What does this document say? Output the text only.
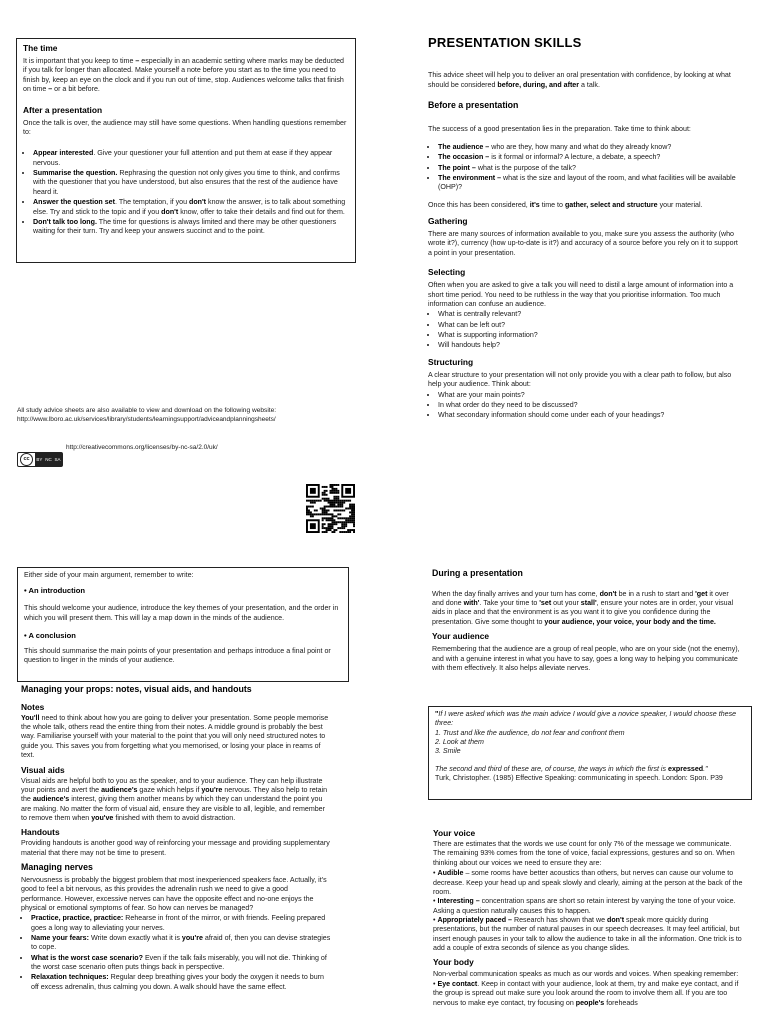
The time

It is important that you keep to time – especially in an academic setting where marks may be deducted if you talk for longer than allocated. Make yourself a note before you start as to the time you need to finish by, keep an eye on the clock and if you run out of time, stop. Audiences welcome talks that finish on time – or a bit before.

After a presentation

Once the talk is over, the audience may still have some questions. When handling questions remember to:

• Appear interested. Give your questioner your full attention and put them at ease if they appear nervous.
• Summarise the question. Rephrasing the question not only gives you time to think, and confirms with the questioner that you have understood, but also ensures that the rest of the audience have heard it.
• Answer the question set. The temptation, if you don't know the answer, is to talk about something else. Try and stick to the topic and if you don't know, offer to take their details and find out for them.
• Don't talk too long. The time for questions is always limited and there may be other questioners waiting for their turn. Try and keep your answers succinct and to the point.

All study advice sheets are also available to view and download on the following website:

http://www.lboro.ac.uk/services/library/students/learningsupport/adviceandplanningsheets/

http://creativecommons.org/licenses/by-nc-sa/2.0/uk/
cc	BY NC SA
PRESENTATION SKILLS

This advice sheet will help you to deliver an oral presentation with confidence, by looking at what should be considered before, during, and after a talk.

Before a presentation

The success of a good presentation lies in the preparation. Take time to think about:

• The audience – who are they, how many and what do they already know?
• The occasion – is it formal or informal? A lecture, a debate, a speech?
• The point – what is the purpose of the talk?
• The environment – what is the size and layout of the room, and what facilities will be available (OHP)?

Once this has been considered, it's time to gather, select and structure your material.

Gathering

There are many sources of information available to you, make sure you assess the authority (who wrote it?), currency (how up-to-date is it?) and accuracy of a source before you rely on it to support a point in your presentation.

Selecting

Often when you are asked to give a talk you will need to distil a large amount of information into a short time period. You need to be ruthless in the way that you prioritise information. Too much information can confuse an audience.

• What is centrally relevant?
• What can be left out?
• What is supporting information?
• Will handouts help?
Structuring

A clear structure to your presentation will not only provide you with a clear path to follow, but also help your audience. Think about:

• What are your main points?
• In what order do they need to be discussed?
• What secondary information should come under each of your headings?

Either side of your main argument, remember to write:

• An introduction

This should welcome your audience, introduce the key themes of your presentation, and the order in which you will present them. This will lay a map down in the minds of the audience.

• A conclusion

This should summarise the main points of your presentation and perhaps introduce a final point or question to linger in the minds of your audience.

Managing your props: notes, visual aids, and handouts
Notes

You'll need to think about how you are going to deliver your presentation. Some people memorise the whole talk, others read the entire thing from their notes. A middle ground is probably the best way. Familiarise yourself with your material to the point that you will only need structured notes to guide you. This saves you from forgetting what you memorised, or losing your place in reams of text.

Visual aids

Visual aids are helpful both to you as the speaker, and to your audience. They can help illustrate your points and avert the audience's gaze which helps if you're nervous. They also help to retain the audience's interest, giving them another means by which they can understand the point you are making. No matter the form of visual aid, ensure they are visible to all, legible, and remember to remove them when you've finished with them to avoid distraction.

Handouts

Providing handouts is another good way of reinforcing your message and providing supplementary material that there may not be time to present.

Managing nerves

Nervousness is probably the biggest problem that most inexperienced speakers face. Actually, it's good to feel a bit nervous, as this provides the adrenalin rush we need to give a good performance. However, excessive nerves can have the opposite effect and no-one enjoys the physical or emotional symptoms of fear. So how can nerves be managed?

• Practice, practice, practice: Rehearse in front of the mirror, or with friends. Feeling prepared goes a long way to alleviating your nerves.
• Name your fears: Write down exactly what it is you're afraid of, then you can devise strategies to cope.
• What is the worst case scenario? Even if the talk fails miserably, you will not die. Thinking of the worst case scenario often puts things back in perspective.
• Relaxation techniques: Regular deep breathing gives your body the oxygen it needs to burn off excess adrenalin, thus calming you down. A walk should have the same effect.
During a presentation

When the day finally arrives and your turn has come, don't be in a rush to start and 'get it over and done with'. Take your time to 'set out your stall', ensure your notes are in order, your visual aids in place and that the environment is as you want it to give you confidence during the presentation. Give some thought to your audience, your voice, your body and the time.

Your audience

Remembering that the audience are a group of real people, who are on your side (not the enemy), and with a genuine interest in what you have to say, goes a long way to helping you communicate with them effectively. It also helps alleviate nerves.

"If I were asked which was the main advice I would give a novice speaker, I would choose these three:

1. Trust and like the audience, do not fear and confront them
2. Look at them
3. Smile

The second and third of these are, of course, the ways in which the first is expressed."

Turk, Christopher. (1985) Effective Speaking: communicating in speech. London: Spon. P39

Your voice

There are estimates that the words we use count for only 7% of the message we communicate. The remaining 93% comes from the tone of voice, facial expressions, gestures and so on. When thinking about our voices we need to ensure they are:

• Audible – some rooms have better acoustics than others, but nerves can cause our volume to decrease. Keep your head up and speak slowly and clearly, aiming at the person at the back of the room.
• Interesting – concentration spans are short so retain interest by varying the tone of your voice. Asking a question naturally causes this to happen.
• Appropriately paced – Research has shown that we don't speak more quickly during presentations, but the number of natural pauses in our speech decreases. It may feel artificial, but insert enough pauses in your talk to allow the audience to take in all the information. One trick is to add a couple of extra seconds of silence as you change slides.
Your body

Non-verbal communication speaks as much as our words and voices. When speaking remember:

• Eye contact. Keep in contact with your audience, look at them, try and make eye contact, and if the group is spread out make sure you look around the room to involve them all. If you are too nervous to make eye contact, try focusing on people's foreheads
